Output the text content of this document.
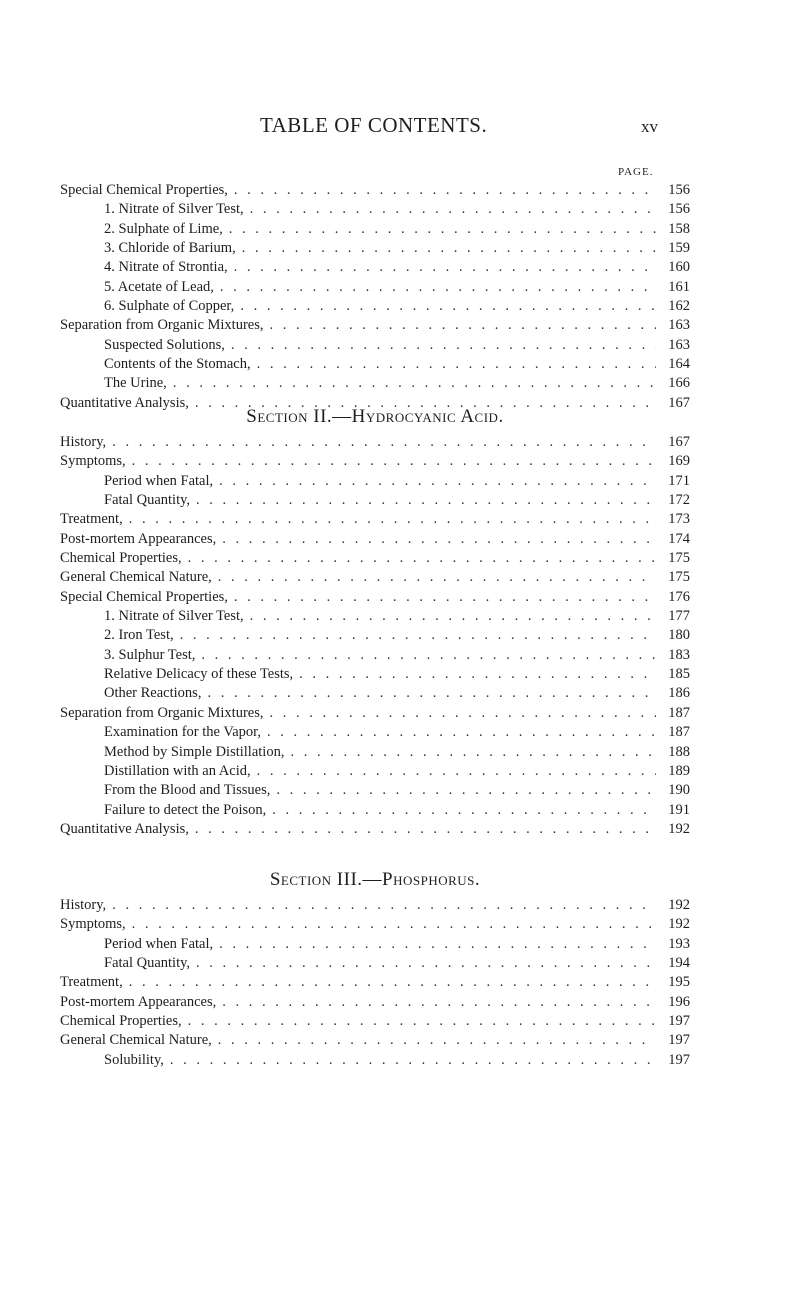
TABLE OF CONTENTS.	xv
PAGE.
Special Chemical Properties, . . .	156
1. Nitrate of Silver Test, . . .	156
2. Sulphate of Lime, . . .	158
3. Chloride of Barium, . . .	159
4. Nitrate of Strontia, . . .	160
5. Acetate of Lead, . . .	161
6. Sulphate of Copper, . . .	162
Separation from Organic Mixtures, . . .	163
Suspected Solutions, . . .	163
Contents of the Stomach, . . .	164
The Urine, . . .	166
Quantitative Analysis, . . .	167
Section II.—Hydrocyanic Acid.
History, . . .	167
Symptoms, . . .	169
Period when Fatal, . . .	171
Fatal Quantity, . . .	172
Treatment, . . .	173
Post-mortem Appearances, . . .	174
Chemical Properties, . . .	175
General Chemical Nature, . . .	175
Special Chemical Properties, . . .	176
1. Nitrate of Silver Test, . . .	177
2. Iron Test, . . .	180
3. Sulphur Test, . . .	183
Relative Delicacy of these Tests, . . .	185
Other Reactions, . . .	186
Separation from Organic Mixtures, . . .	187
Examination for the Vapor, . . .	187
Method by Simple Distillation, . . .	188
Distillation with an Acid, . . .	189
From the Blood and Tissues, . . .	190
Failure to detect the Poison, . . .	191
Quantitative Analysis, . . .	192
Section III.—Phosphorus.
History, . . .	192
Symptoms, . . .	192
Period when Fatal, . . .	193
Fatal Quantity, . . .	194
Treatment, . . .	195
Post-mortem Appearances, . . .	196
Chemical Properties, . . .	197
General Chemical Nature, . . .	197
Solubility, . . .	197
